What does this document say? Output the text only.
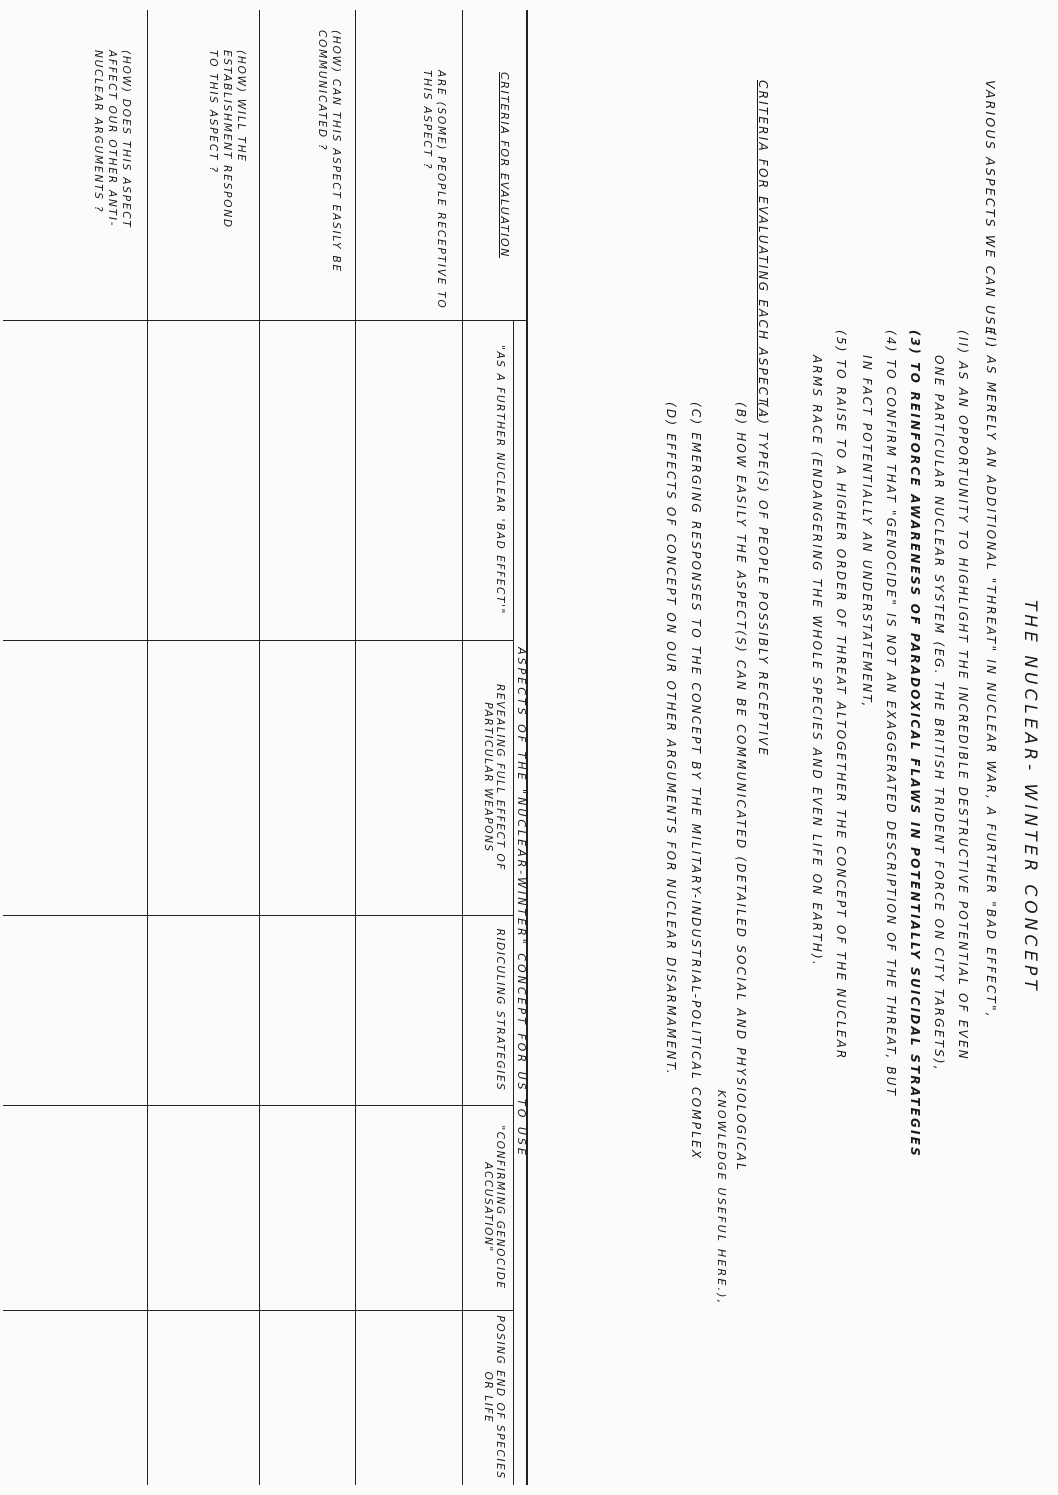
THE NUCLEAR- WINTER CONCEPT
VARIOUS ASPECTS WE CAN USE :
(I) AS MERELY AN ADDITIONAL "THREAT" IN NUCLEAR WAR, A FURTHER "BAD EFFECT",
(II) AS AN OPPORTUNITY TO HIGHLIGHT THE INCREDIBLE DESTRUCTIVE POTENTIAL OF EVEN
ONE PARTICULAR NUCLEAR SYSTEM (EG. THE BRITISH TRIDENT FORCE ON CITY TARGETS),
(3) TO REINFORCE AWARENESS OF PARADOXICAL FLAWS IN POTENTIALLY SUICIDAL STRATEGIES
(4) TO CONFIRM THAT "GENOCIDE" IS NOT AN EXAGGERATED DESCRIPTION OF THE THREAT, BUT
IN FACT POTENTIALLY AN UNDERSTATEMENT,
(5) TO RAISE TO A HIGHER ORDER OF THREAT ALTOGETHER THE CONCEPT OF THE NUCLEAR
ARMS RACE (ENDANGERING THE WHOLE SPECIES AND EVEN LIFE ON EARTH).
CRITERIA FOR EVALUATING EACH ASPECT :
(A) TYPE(S) OF PEOPLE POSSIBLY RECEPTIVE
(B) HOW EASILY THE ASPECT(S) CAN BE COMMUNICATED (DETAILED SOCIAL AND PHYSIOLOGICAL
KNOWLEDGE USEFUL HERE.),
(C) EMERGING RESPONSES TO THE CONCEPT BY THE MILITARY-INDUSTRIAL-POLITICAL COMPLEX
(D) EFFECTS OF CONCEPT ON OUR OTHER ARGUMENTS FOR NUCLEAR DISARMAMENT.
CRITERIA FOR EVALUATION
ASPECTS OF THE "NUCLEAR-WINTER" CONCEPT FOR US TO USE
"AS A FURTHER NUCLEAR 'BAD EFFECT'"
REVEALING FULL EFFECT OF PARTICULAR WEAPONS
RIDICULING STRATEGIES
"CONFIRMING GENOCIDE ACCUSATION"
POSING END OF SPECIES OR LIFE
ARE (SOME) PEOPLE RECEPTIVE TO THIS ASPECT ?
(HOW) CAN THIS ASPECT EASILY BE COMMUNICATED ?
(HOW) WILL THE ESTABLISHMENT RESPOND TO THIS ASPECT ?
(HOW) DOES THIS ASPECT AFFECT OUR OTHER ANTI-NUCLEAR ARGUMENTS ?
